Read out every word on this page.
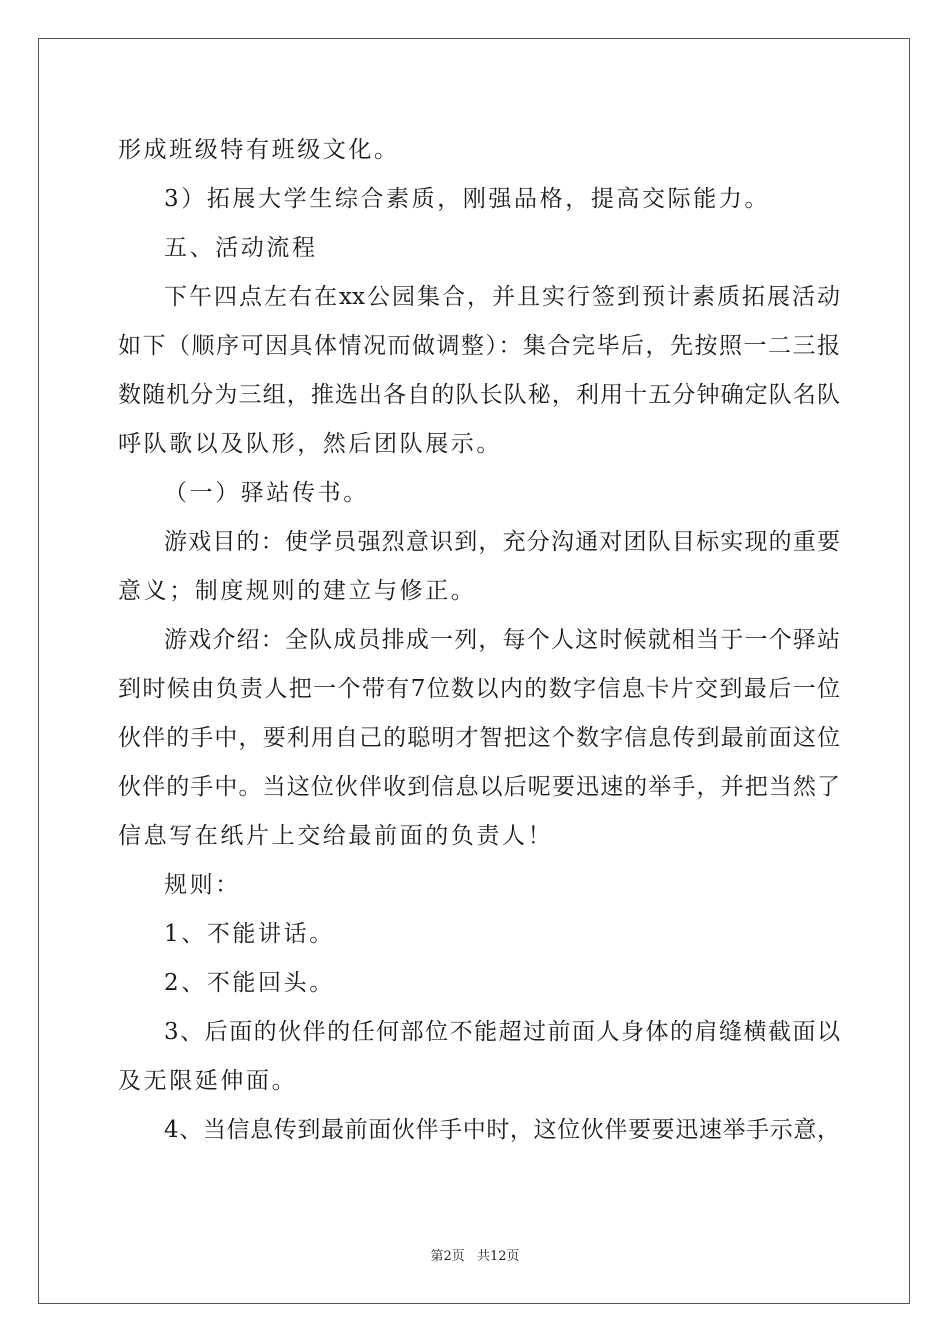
形成班级特有班级文化。
3）拓展大学生综合素质，刚强品格，提高交际能力。
五、活动流程
下午四点左右在xx公园集合，并且实行签到预计素质拓展活动
如下（顺序可因具体情况而做调整）：集合完毕后，先按照一二三报
数随机分为三组，推选出各自的队长队秘，利用十五分钟确定队名队
呼队歌以及队形，然后团队展示。
（一）驿站传书。
游戏目的：使学员强烈意识到，充分沟通对团队目标实现的重要
意义；制度规则的建立与修正。
游戏介绍：全队成员排成一列，每个人这时候就相当于一个驿站
到时候由负责人把一个带有7位数以内的数字信息卡片交到最后一位
伙伴的手中，要利用自己的聪明才智把这个数字信息传到最前面这位
伙伴的手中。当这位伙伴收到信息以后呢要迅速的举手，并把当然了
信息写在纸片上交给最前面的负责人！
规则：
1、不能讲话。
2、不能回头。
3、后面的伙伴的任何部位不能超过前面人身体的肩缝横截面以
及无限延伸面。
4、当信息传到最前面伙伴手中时，这位伙伴要要迅速举手示意，
第2页 共12页
